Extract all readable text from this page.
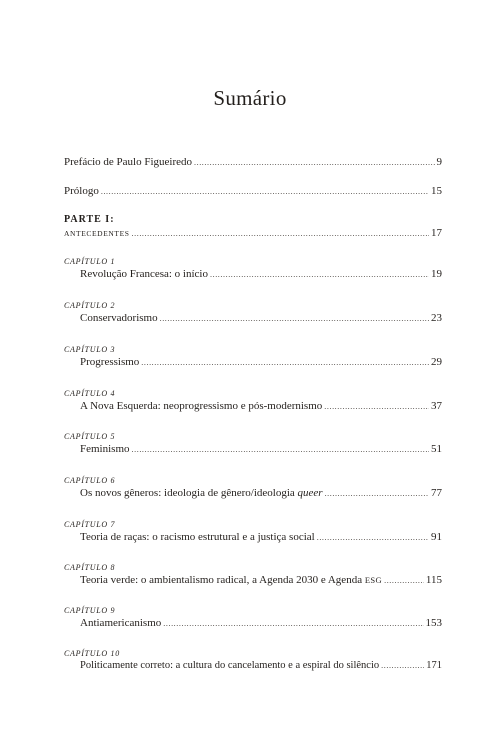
Sumário
Prefácio de Paulo Figueiredo .....	9
Prólogo .....	15
PARTE I:
ANTECEDENTES .....	17
CAPÍTULO 1
Revolução Francesa: o início .....	19
CAPÍTULO 2
Conservadorismo .....	23
CAPÍTULO 3
Progressismo .....	29
CAPÍTULO 4
A Nova Esquerda: neoprogressismo e pós-modernismo .....	37
CAPÍTULO 5
Feminismo .....	51
CAPÍTULO 6
Os novos gêneros: ideologia de gênero/ideologia queer .....	77
CAPÍTULO 7
Teoria de raças: o racismo estrutural e a justiça social .....	91
CAPÍTULO 8
Teoria verde: o ambientalismo radical, a Agenda 2030 e Agenda ESG .....	115
CAPÍTULO 9
Antiamericanismo .....	153
CAPÍTULO 10
Politicamente correto: a cultura do cancelamento e a espiral do silêncio .....	171
